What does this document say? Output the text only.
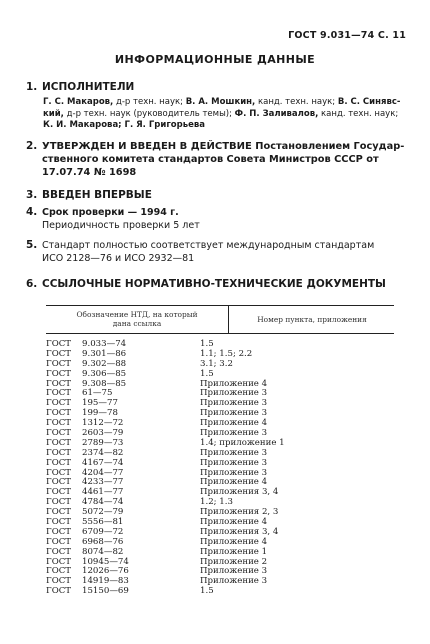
ГОСТ 9.031—74 С. 11
ИНФОРМАЦИОННЫЕ ДАННЫЕ
1. ИСПОЛНИТЕЛИ
Г. С. Макаров, д-р техн. наук; В. А. Мошкин, канд. техн. наук; В. С. Синявс-
кий, д-р техн. наук (руководитель темы); Ф. П. Заливалов, канд. техн. наук;
К. И. Макарова; Г. Я. Григорьева
2. УТВЕРЖДЕН И ВВЕДЕН В ДЕЙСТВИЕ Постановлением Государ-
ственного комитета стандартов Совета Министров СССР от
17.07.74 № 1698
3. ВВЕДЕН ВПЕРВЫЕ
4. Срок проверки — 1994 г.
Периодичность проверки 5 лет
5. Стандарт полностью соответствует международным стандартам
ИСО 2128—76 и ИСО 2932—81
6. ССЫЛОЧНЫЕ НОРМАТИВНО-ТЕХНИЧЕСКИЕ ДОКУМЕНТЫ
Обозначение НТД, на который
дана ссылка	Номер пункта, приложения
ГОСТ	9.033—74	1.5
ГОСТ	9.301—86	1.1; 1.5; 2.2
ГОСТ	9.302—88	3.1; 3.2
ГОСТ	9.306—85	1.5
ГОСТ	9.308—85	Приложение 4
ГОСТ	61—75	Приложение 3
ГОСТ	195—77	Приложение 3
ГОСТ	199—78	Приложение 3
ГОСТ	1312—72	Приложение 4
ГОСТ	2603—79	Приложение 3
ГОСТ	2789—73	1.4; приложение 1
ГОСТ	2374—82	Приложение 3
ГОСТ	4167—74	Приложение 3
ГОСТ	4204—77	Приложение 3
ГОСТ	4233—77	Приложение 4
ГОСТ	4461—77	Приложения 3, 4
ГОСТ	4784—74	1.2; 1.3
ГОСТ	5072—79	Приложения 2, 3
ГОСТ	5556—81	Приложение 4
ГОСТ	6709—72	Приложения 3, 4
ГОСТ	6968—76	Приложение 4
ГОСТ	8074—82	Приложение 1
ГОСТ	10945—74	Приложение 2
ГОСТ	12026—76	Приложение 3
ГОСТ	14919—83	Приложение 3
ГОСТ	15150—69	1.5
